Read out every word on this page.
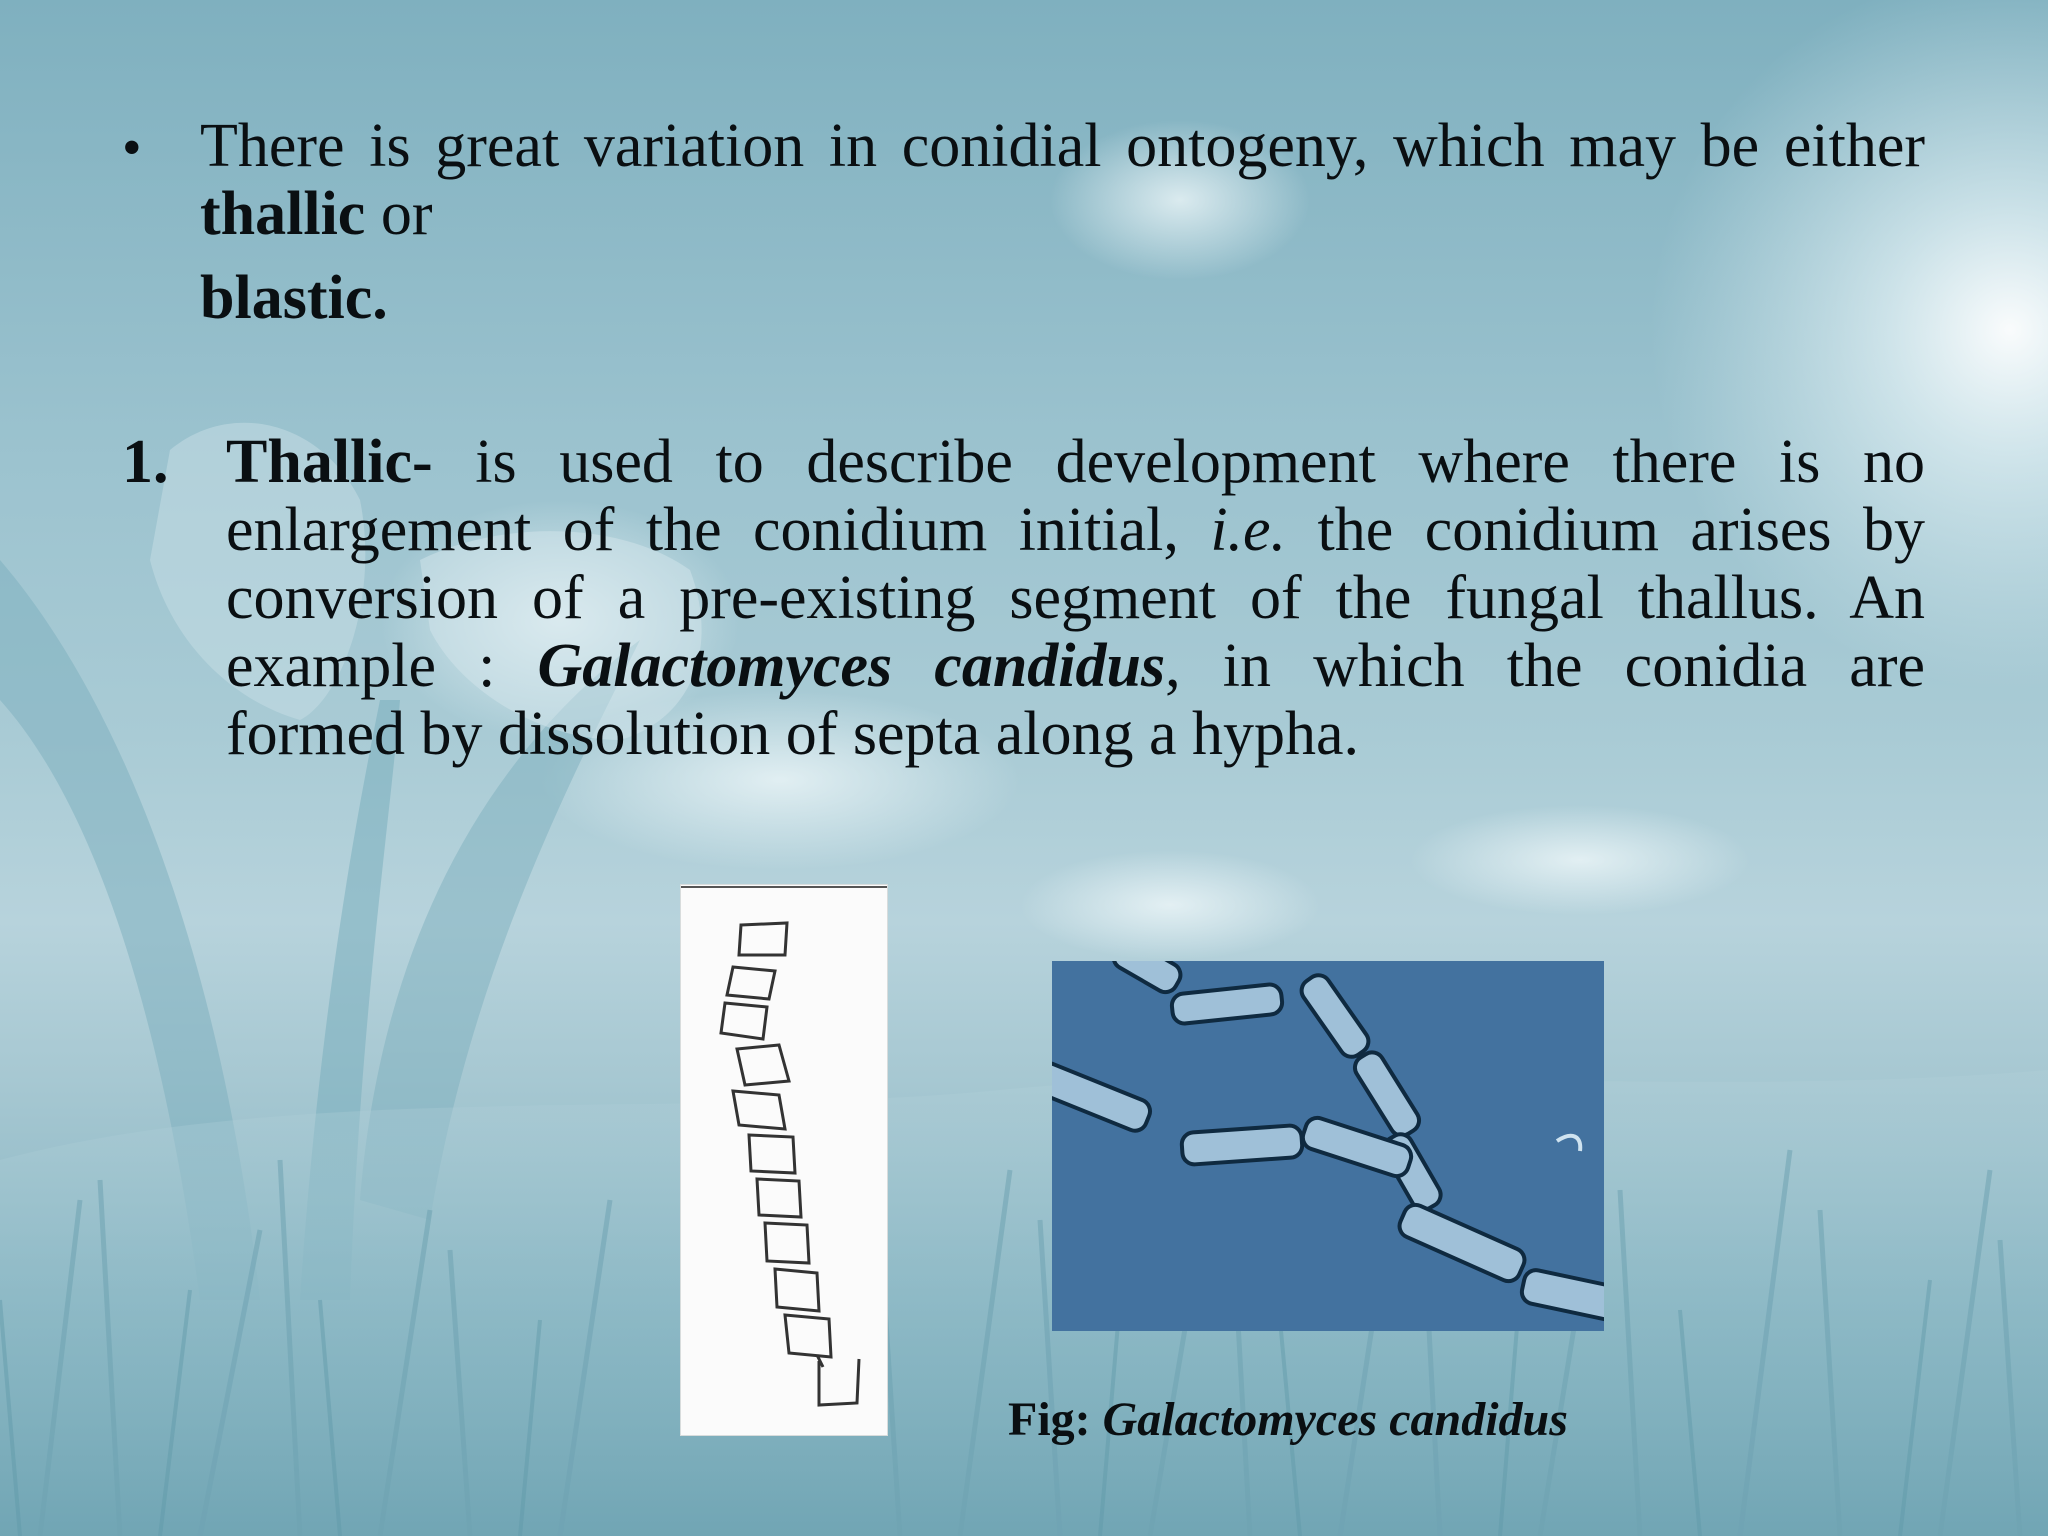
• There is great variation in conidial ontogeny, which may be either
thallic or
blastic.
1. Thallic- is used to describe development where there is no
enlargement of the conidium initial, i.e. the conidium arises by
conversion of a pre-existing segment of the fungal thallus. An
example : Galactomyces candidus, in which the conidia are
formed by dissolution of septa along a hypha.
Fig: Galactomyces candidus
